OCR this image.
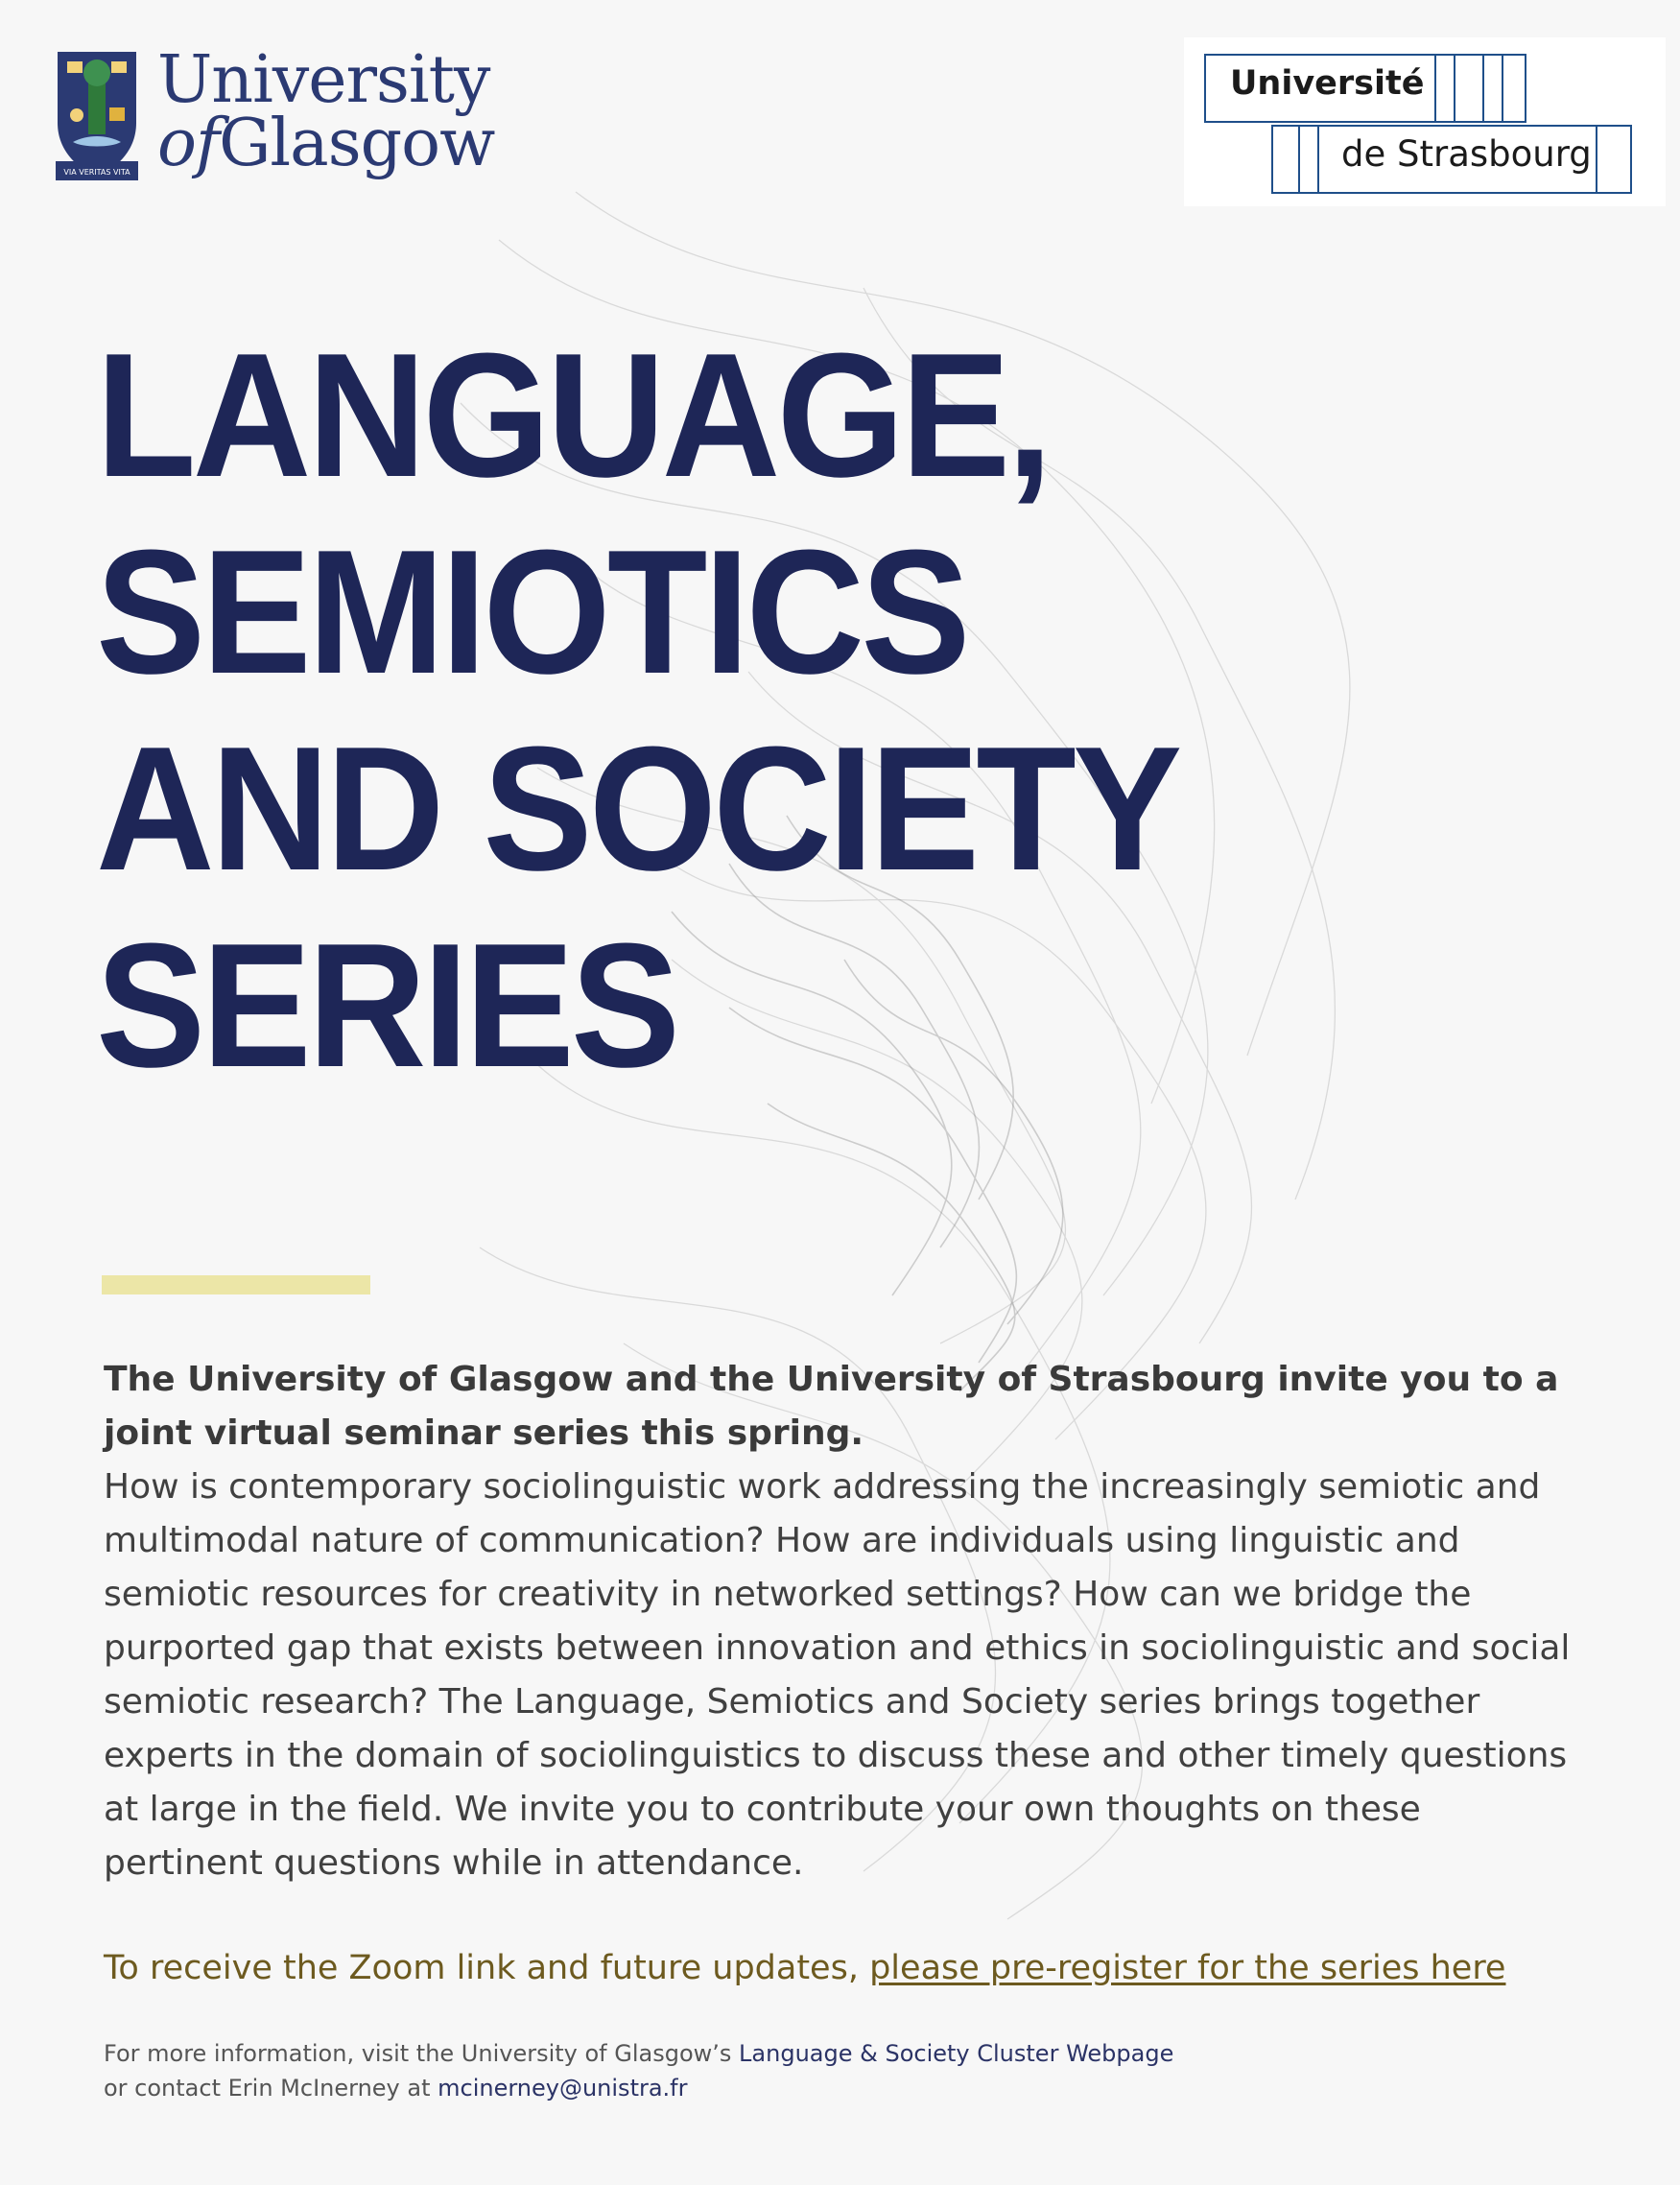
VIA VERITAS VITA
University
ofGlasgow
Université
de Strasbourg
LANGUAGE,
SEMIOTICS
AND SOCIETY
SERIES
The University of Glasgow and the University of Strasbourg invite you to a joint virtual seminar series this spring.
How is contemporary sociolinguistic work addressing the increasingly semiotic and multimodal nature of communication? How are individuals using linguistic and semiotic resources for creativity in networked settings? How can we bridge the purported gap that exists between innovation and ethics in sociolinguistic and social semiotic research? The Language, Semiotics and Society series brings together experts in the domain of sociolinguistics to discuss these and other timely questions at large in the field. We invite you to contribute your own thoughts on these pertinent questions while in attendance.
To receive the Zoom link and future updates, please pre-register for the series here
For more information, visit the University of Glasgow’s Language & Society Cluster Webpage
or contact Erin McInerney at mcinerney@unistra.fr
